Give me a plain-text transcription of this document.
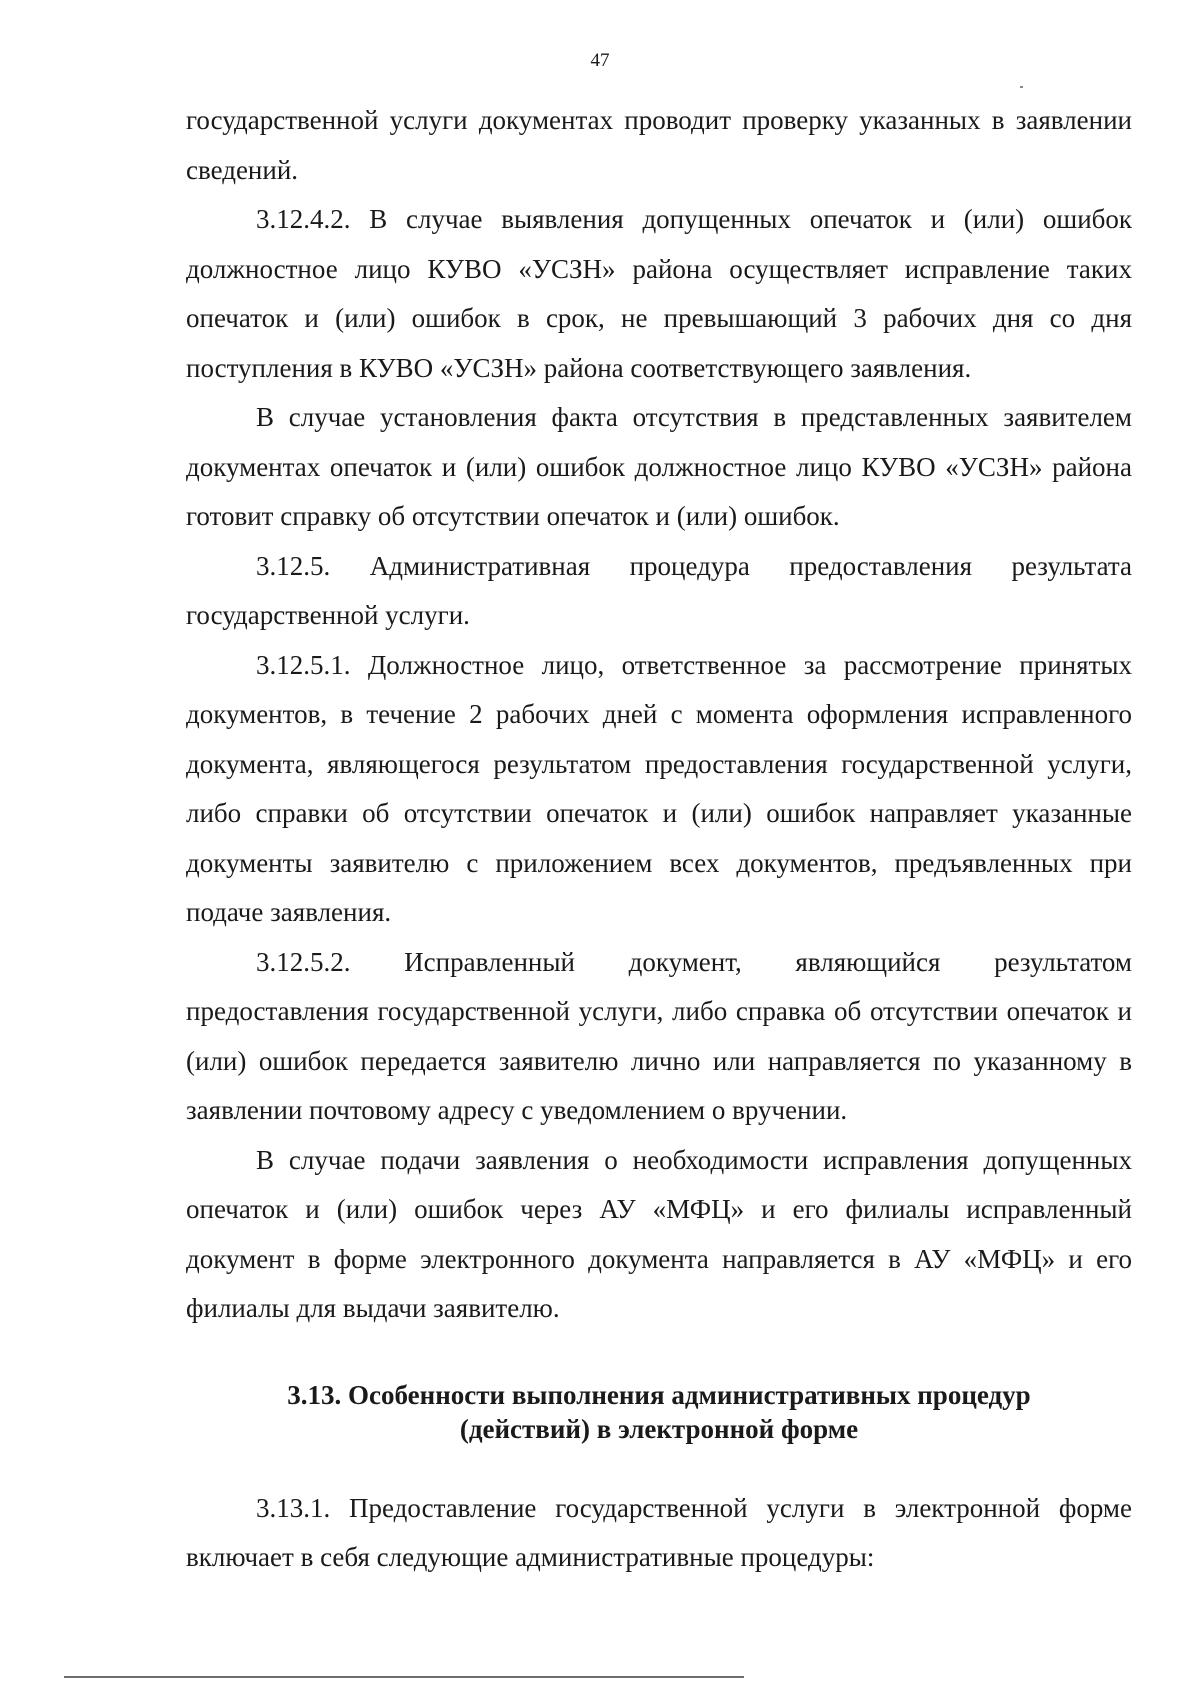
47

государственной услуги документах проводит проверку указанных в заявлении сведений.

3.12.4.2. В случае выявления допущенных опечаток и (или) ошибок должностное лицо КУВО «УСЗН» района осуществляет исправление таких опечаток и (или) ошибок в срок, не превышающий 3 рабочих дня со дня поступления в КУВО «УСЗН» района соответствующего заявления.

В случае установления факта отсутствия в представленных заявителем документах опечаток и (или) ошибок должностное лицо КУВО «УСЗН» района готовит справку об отсутствии опечаток и (или) ошибок.

3.12.5. Административная процедура предоставления результата государственной услуги.

3.12.5.1. Должностное лицо, ответственное за рассмотрение принятых документов, в течение 2 рабочих дней с момента оформления исправленного документа, являющегося результатом предоставления государственной услуги, либо справки об отсутствии опечаток и (или) ошибок направляет указанные документы заявителю с приложением всех документов, предъявленных при подаче заявления.

3.12.5.2. Исправленный документ, являющийся результатом предоставления государственной услуги, либо справка об отсутствии опечаток и (или) ошибок передается заявителю лично или направляется по указанному в заявлении почтовому адресу с уведомлением о вручении.

В случае подачи заявления о необходимости исправления допущенных опечаток и (или) ошибок через АУ «МФЦ» и его филиалы исправленный документ в форме электронного документа направляется в АУ «МФЦ» и его филиалы для выдачи заявителю.

3.13. Особенности выполнения административных процедур (действий) в электронной форме

3.13.1. Предоставление государственной услуги в электронной форме включает в себя следующие административные процедуры:
